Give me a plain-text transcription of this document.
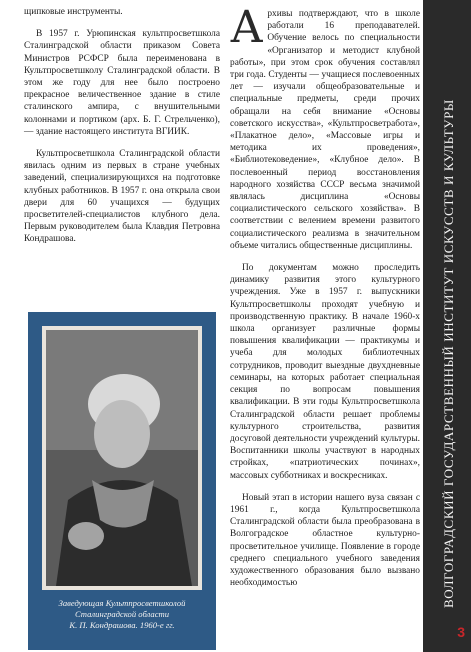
щипковые инструменты.

В 1957 г. Урюпинская культпросветшкола Сталинградской области приказом Совета Министров РСФСР была переименована в Культпросветшколу Сталинградской области. В этом же году для нее было построено прекрасное величественное здание в стиле сталинского ампира, с внушительными колоннами и портиком (арх. Б. Г. Стрельченко), — здание настоящего института ВГИИК.

Культпросветшкола Сталинградской области явилась одним из первых в стране учебных заведений, специализирующихся на подготовке клубных работников. В 1957 г. она открыла свои двери для 60 учащихся — будущих просветителей-специалистов клубного дела. Первым руководителем была Клавдия Петровна Кондрашова.

Заведующая Культпросветшколой
Сталинградской области
К. П. Кондрашова. 1960-е гг.

Архивы подтверждают, что в школе работали 16 преподавателей. Обучение велось по специальности «Организатор и методист клубной работы», при этом срок обучения составлял три года. Студенты — учащиеся послевоенных лет — изучали общеобразовательные и специальные предметы, среди прочих обращали на себя внимание «Основы советского искусства», «Культпросветработа», «Плакатное дело», «Массовые игры и методика их проведения», «Библиотековедение», «Клубное дело». В послевоенный период восстановления народного хозяйства СССР весьма значимой являлась дисциплина «Основы социалистического сельского хозяйства». В соответствии с велением времени развитого социалистического реализма в значительном объеме читались общественные дисциплины.

По документам можно проследить динамику развития этого культурного учреждения. Уже в 1957 г. выпускники Культпросветшколы проходят учебную и производственную практику. В начале 1960-х школа организует различные формы повышения квалификации — практикумы и учеба для молодых библиотечных сотрудников, проводит выездные двухдневные семинары, на которых работает специальная секция по вопросам повышения квалификации. В эти годы Культпросветшкола Сталинградской области решает проблемы культурного строительства, развития досуговой деятельности учреждений культуры. Воспитанники школы участвуют в народных стройках, «патриотических починах», массовых субботниках и воскресниках.

Новый этап в истории нашего вуза связан с 1961 г., когда Культпросветшкола Сталинградской области была преобразована в Волгоградское областное культурно-просветительное училище. Появление в городе среднего специального учебного заведения художественного образования было вызвано необходимостью	ВОЛГОГРАДСКИЙ ГОСУДАРСТВЕННЫЙ ИНСТИТУТ ИСКУССТВ И КУЛЬТУРЫ
3
